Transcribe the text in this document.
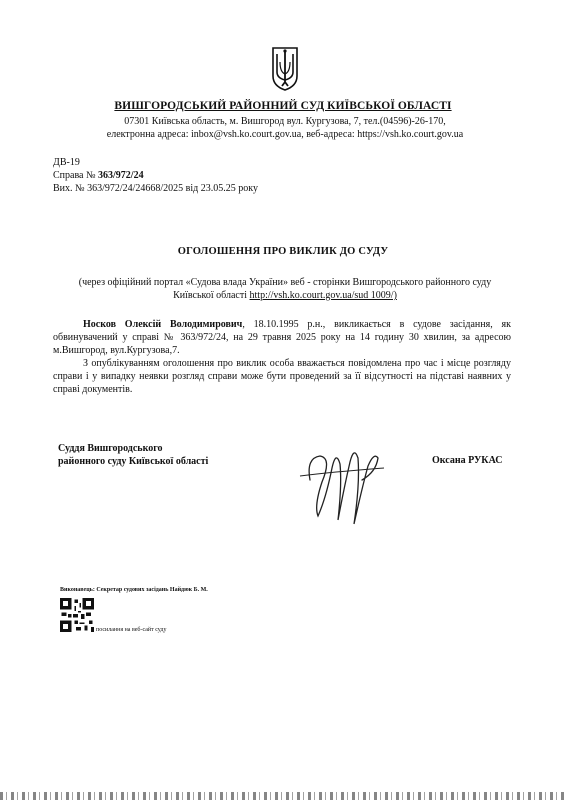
ВИШГОРОДСЬКИЙ РАЙОННИЙ СУД КИЇВСЬКОЇ ОБЛАСТІ
07301 Київська область, м. Вишгород вул. Кургузова, 7, тел.(04596)-26-170,
електронна адреса: inbox@vsh.ko.court.gov.ua, веб-адреса: https://vsh.ko.court.gov.ua
ДВ-19
Справа № 363/972/24
Вих. № 363/972/24/24668/2025 від 23.05.25 року
ОГОЛОШЕННЯ ПРО ВИКЛИК ДО СУДУ
(через офіційний портал «Судова влада України» веб - сторінки Вишгородського районного суду Київської області http://vsh.ko.court.gov.ua/sud 1009/)

Носков Олексій Володимирович, 18.10.1995 р.н., викликається в судове засідання, як обвинувачений у справі № 363/972/24, на 29 травня 2025 року на 14 годину 30 хвилин, за адресою м.Вишгород, вул.Кургузова,7.

З опублікуванням оголошення про виклик особа вважається повідомлена про час і місце розгляду справи і у випадку неявки розгляд справи може бути проведений за її відсутності на підставі наявних у справі документів.

Суддя Вишгородського
районного суду Київської області	Оксана РУКАС
Виконавець: Секретар судових засідань Найдюк Б. М.
посилання на веб-сайт суду
